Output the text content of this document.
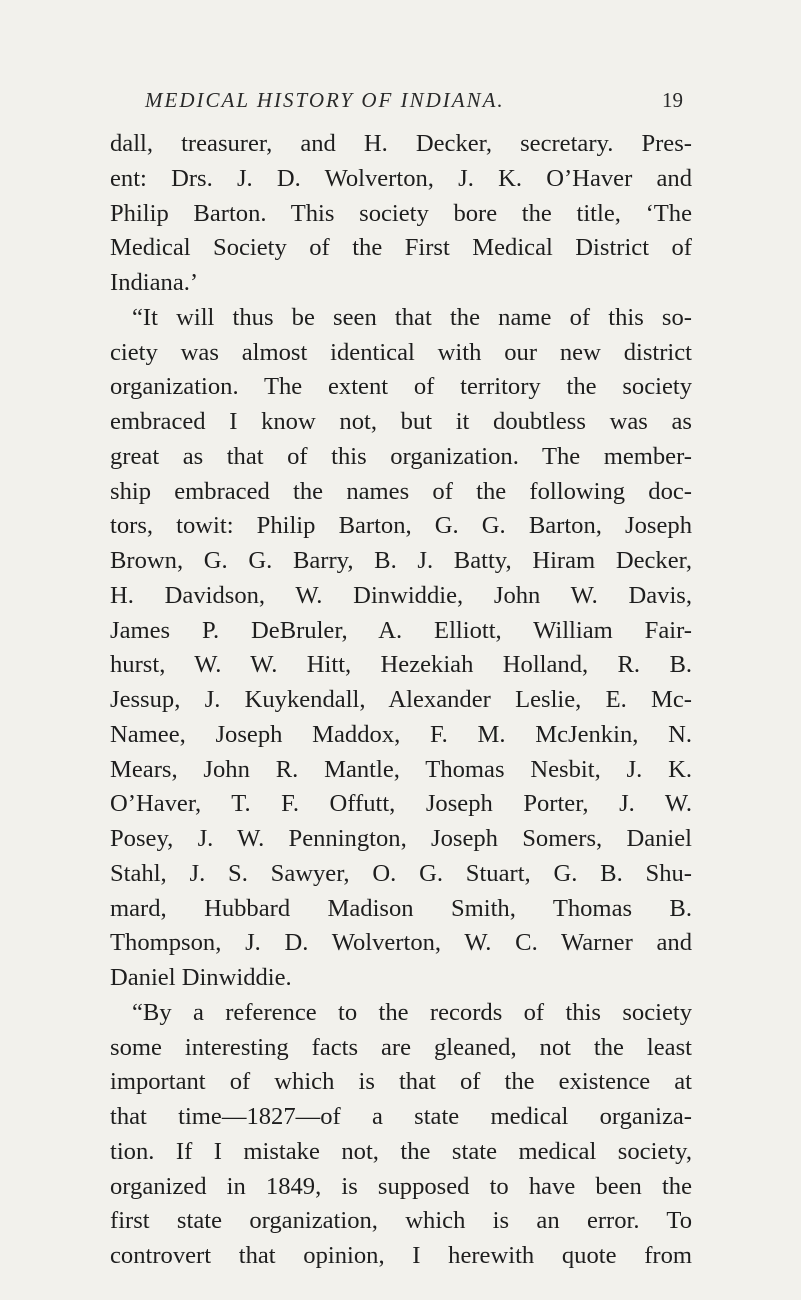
MEDICAL HISTORY OF INDIANA.	19
dall, treasurer, and H. Decker, secretary. Pres-
ent: Drs. J. D. Wolverton, J. K. O’Haver and
Philip Barton. This society bore the title, ‘The
Medical Society of the First Medical District of
Indiana.’
“It will thus be seen that the name of this so-
ciety was almost identical with our new district
organization. The extent of territory the society
embraced I know not, but it doubtless was as
great as that of this organization. The member-
ship embraced the names of the following doc-
tors, towit: Philip Barton, G. G. Barton, Joseph
Brown, G. G. Barry, B. J. Batty, Hiram Decker,
H. Davidson, W. Dinwiddie, John W. Davis,
James P. DeBruler, A. Elliott, William Fair-
hurst, W. W. Hitt, Hezekiah Holland, R. B.
Jessup, J. Kuykendall, Alexander Leslie, E. Mc-
Namee, Joseph Maddox, F. M. McJenkin, N.
Mears, John R. Mantle, Thomas Nesbit, J. K.
O’Haver, T. F. Offutt, Joseph Porter, J. W.
Posey, J. W. Pennington, Joseph Somers, Daniel
Stahl, J. S. Sawyer, O. G. Stuart, G. B. Shu-
mard, Hubbard Madison Smith, Thomas B.
Thompson, J. D. Wolverton, W. C. Warner and
Daniel Dinwiddie.
“By a reference to the records of this society
some interesting facts are gleaned, not the least
important of which is that of the existence at
that time—1827—of a state medical organiza-
tion. If I mistake not, the state medical society,
organized in 1849, is supposed to have been the
first state organization, which is an error. To
controvert that opinion, I herewith quote from
